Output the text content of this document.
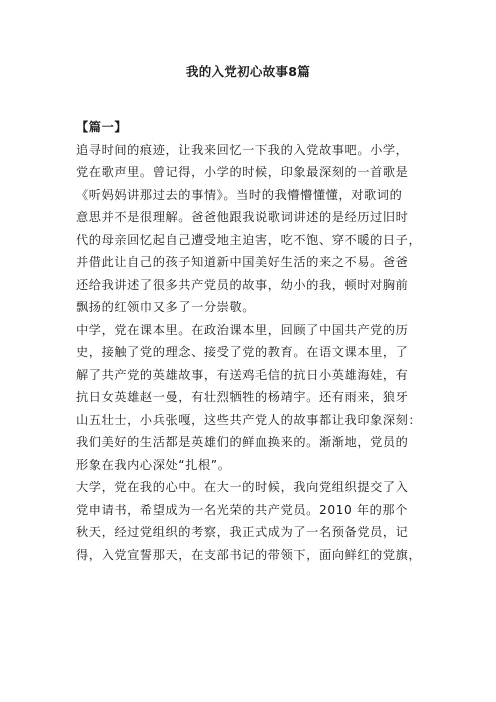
我的入党初心故事8篇
【篇一】
追寻时间的痕迹，让我来回忆一下我的入党故事吧。小学，
党在歌声里。曾记得，小学的时候，印象最深刻的一首歌是
《听妈妈讲那过去的事情》。当时的我懵懵懂懂，对歌词的
意思并不是很理解。爸爸他跟我说歌词讲述的是经历过旧时
代的母亲回忆起自己遭受地主迫害，吃不饱、穿不暖的日子，
并借此让自己的孩子知道新中国美好生活的来之不易。爸爸
还给我讲述了很多共产党员的故事，幼小的我，顿时对胸前
飘扬的红领巾又多了一分崇敬。
中学，党在课本里。在政治课本里，回顾了中国共产党的历
史，接触了党的理念、接受了党的教育。在语文课本里，了
解了共产党的英雄故事，有送鸡毛信的抗日小英雄海娃，有
抗日女英雄赵一曼，有壮烈牺牲的杨靖宇。还有雨来，狼牙
山五壮士，小兵张嘎，这些共产党人的故事都让我印象深刻：
我们美好的生活都是英雄们的鲜血换来的。渐渐地，党员的
形象在我内心深处“扎根”。
大学，党在我的心中。在大一的时候，我向党组织提交了入
党申请书，希望成为一名光荣的共产党员。2010 年的那个
秋天，经过党组织的考察，我正式成为了一名预备党员，记
得，入党宣誓那天，在支部书记的带领下，面向鲜红的党旗，
